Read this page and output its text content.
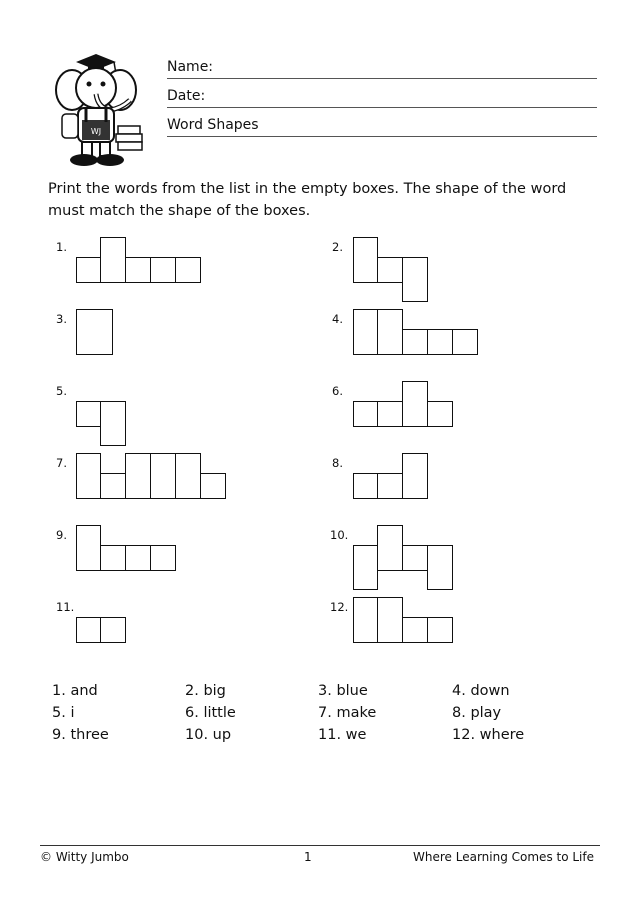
WJ
Name:
Date:
Word Shapes
Print the words from the list in the empty boxes. The shape of the word must match the shape of the boxes.
1.	2.
3.	4.
5.	6.
7.	8.
9.	10.
11.	12.
1. and	2. big	3. blue	4. down
5. i	6. little	7. make	8. play
9. three	10. up	11. we	12. where
© Witty Jumbo	1	Where Learning Comes to Life
